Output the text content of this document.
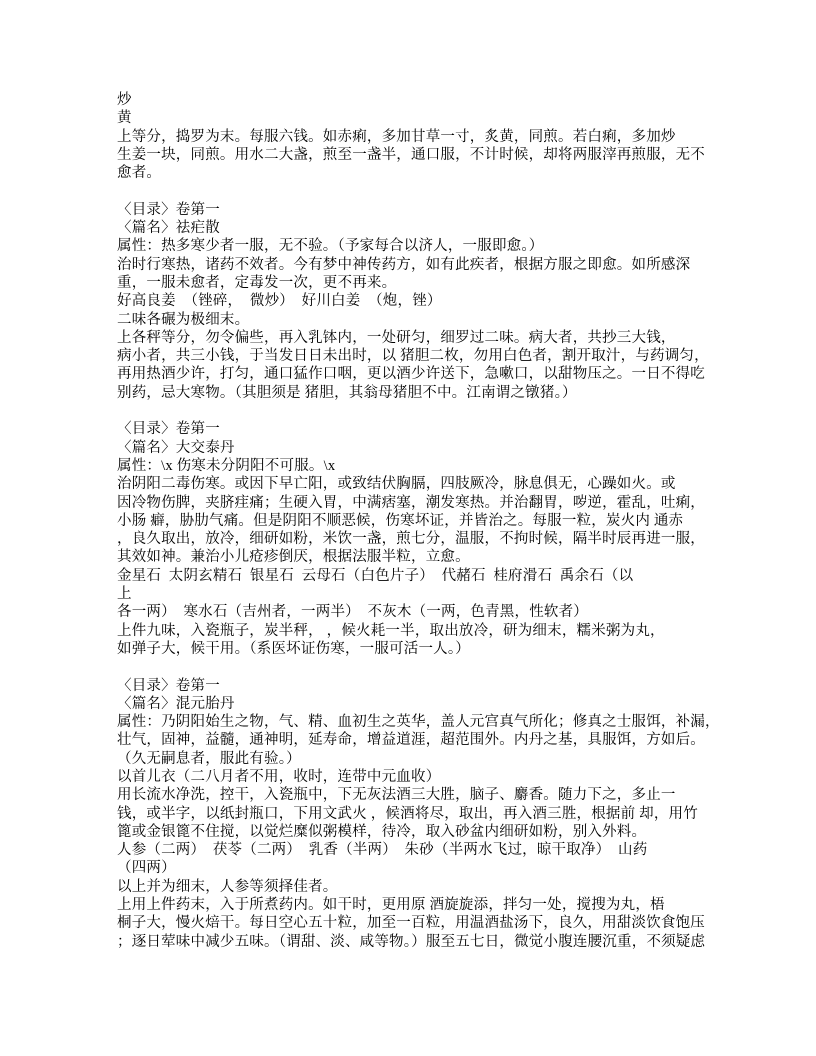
炒
黄
上等分，捣罗为末。每服六钱。如赤痢，多加甘草一寸，炙黄，同煎。若白痢，多加炒
生姜一块，同煎。用水二大盏，煎至一盏半，通口服，不计时候，却将两服滓再煎服，无不
愈者。
〈目录〉卷第一
〈篇名〉祛疟散
属性：热多寒少者一服，无不验。（予家每合以济人，一服即愈。）
治时行寒热，诸药不效者。今有梦中神传药方，如有此疾者，根据方服之即愈。如所感深
重，一服未愈者，定毒发一次，更不再来。
好高良姜  （锉碎，  微炒）  好川白姜  （炮，锉）
二味各碾为极细末。
上各秤等分，勿令偏些，再入乳钵内，一处研匀，细罗过二味。病大者，共抄三大钱，
病小者，共三小钱，于当发日日未出时，以 猪胆二枚，勿用白色者，割开取汁，与药调匀，
再用热酒少许，打匀，通口猛作口咽，更以酒少许送下，急嗽口，以甜物压之。一日不得吃
别药，忌大寒物。（其胆须是 猪胆，其翁母猪胆不中。江南谓之镦猪。）
〈目录〉卷第一
〈篇名〉大交泰丹
属性：\x 伤寒未分阴阳不可服。\x
治阴阳二毒伤寒。或因下早亡阳，或致结伏胸膈，四肢厥冷，脉息俱无，心躁如火。或
因冷物伤脾，夹脐疰痛；生硬入胃，中满痞塞，潮发寒热。并治翻胃，哕逆，霍乱，吐痢，
小肠 癖，胁肋气痛。但是阴阳不顺恶候，伤寒坏证，并皆治之。每服一粒，炭火内 通赤
，良久取出，放冷，细研如粉，米饮一盏，煎七分，温服，不拘时候，隔半时辰再进一服，
其效如神。兼治小儿疮疹倒厌，根据法服半粒，立愈。
金星石  太阴玄精石  银星石  云母石（白色片子）  代赭石  桂府滑石  禹余石（以
上
各一两）  寒水石（吉州者，一两半）  不灰木（一两，色青黑，性软者）
上件九味，入瓷瓶子，炭半秤， ，候火耗一半，取出放冷，研为细末，糯米粥为丸，
如弹子大，候干用。（系医坏证伤寒，一服可活一人。）
〈目录〉卷第一
〈篇名〉混元胎丹
属性：乃阴阳始生之物，气、精、血初生之英华，盖人元宫真气所化；修真之士服饵，补漏，
壮气，固神，益髓，通神明，延寿命，增益道涯，超范围外。内丹之基，具服饵，方如后。
（久无嗣息者，服此有验。）
以首儿衣（二八月者不用，收时，连带中元血收）
用长流水净洗，控干，入瓷瓶中，下无灰法酒三大胜，脑子、麝香。随力下之，多止一
钱，或半字，以纸封瓶口，下用文武火 ，候酒将尽，取出，再入酒三胜，根据前 却，用竹
篦或金银篦不住搅，以觉烂糜似粥模样，待冷，取入砂盆内细研如粉，别入外料。
人参（二两）  茯苓（二两）  乳香（半两）  朱砂（半两水飞过，晾干取净）  山药
（四两）
以上并为细末，人参等须择佳者。
上用上件药末，入于所煮药内。如干时，更用原 酒旋旋添，拌匀一处，搅搜为丸，梧
桐子大，慢火焙干。每日空心五十粒，加至一百粒，用温酒盐汤下，良久，用甜淡饮食饱压
；逐日荤味中减少五味。（谓甜、淡、咸等物。）服至五七日，微觉小腹连腰沉重，不须疑虑
